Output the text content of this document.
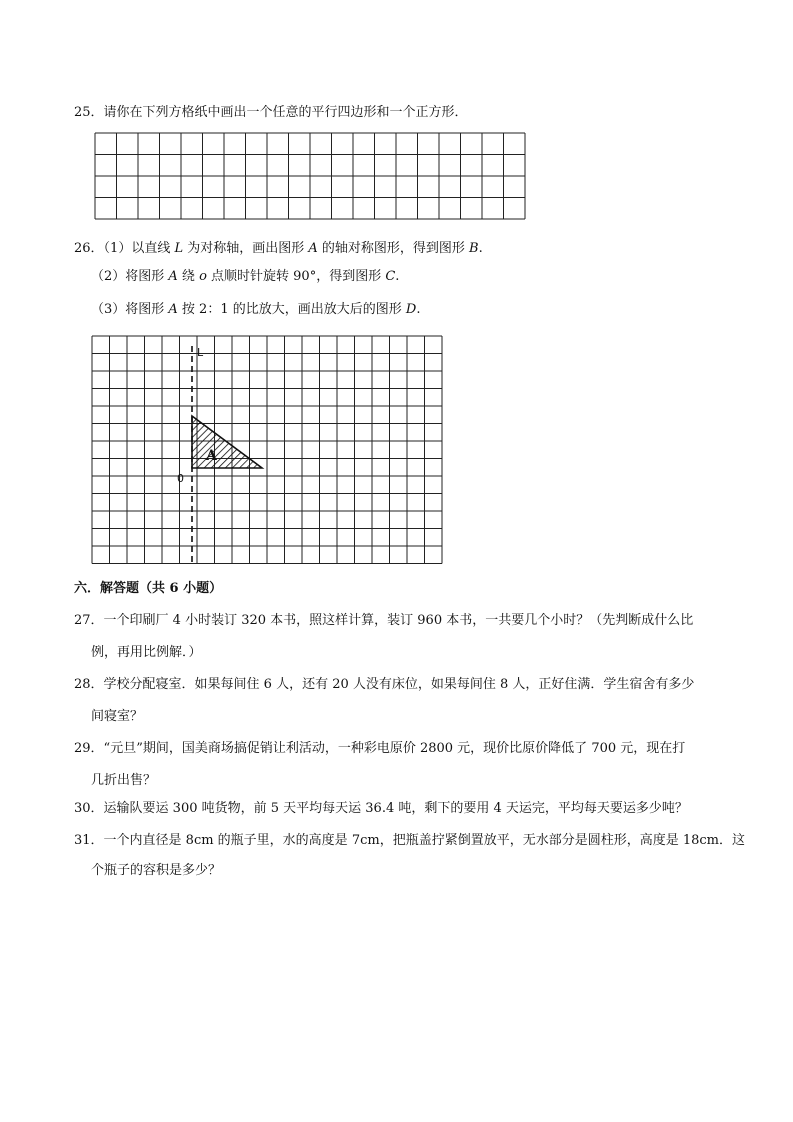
25．请你在下列方格纸中画出一个任意的平行四边形和一个正方形．
26．（1）以直线 L 为对称轴，画出图形 A 的轴对称图形，得到图形 B.
（2）将图形 A 绕 o 点顺时针旋转 90°，得到图形 C.
（3）将图形 A 按 2：1 的比放大，画出放大后的图形 D.
L
0
A
六．解答题（共 6 小题）
27．一个印刷厂 4 小时装订 320 本书，照这样计算，装订 960 本书，一共要几个小时？（先判断成什么比
例，再用比例解．）
28．学校分配寝室．如果每间住 6 人，还有 20 人没有床位，如果每间住 8 人，正好住满．学生宿舍有多少
间寝室？
29．“元旦”期间，国美商场搞促销让利活动，一种彩电原价 2800 元，现价比原价降低了 700 元，现在打
几折出售？
30．运输队要运 300 吨货物，前 5 天平均每天运 36.4 吨，剩下的要用 4 天运完，平均每天要运多少吨？
31．一个内直径是 8cm 的瓶子里，水的高度是 7cm，把瓶盖拧紧倒置放平，无水部分是圆柱形，高度是 18cm．这
个瓶子的容积是多少？
